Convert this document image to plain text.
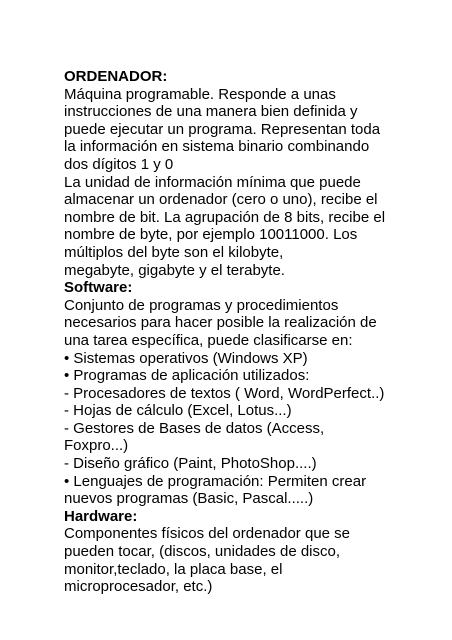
ORDENADOR:
Máquina programable. Responde a unas
instrucciones de una manera bien definida y
puede ejecutar un programa. Representan toda
la información en sistema binario combinando
dos dígitos 1 y 0
La unidad de información mínima que puede
almacenar un ordenador (cero o uno), recibe el
nombre de bit. La agrupación de 8 bits, recibe el
nombre de byte, por ejemplo 10011000. Los
múltiplos del byte son el kilobyte,
megabyte, gigabyte y el terabyte.
Software:
Conjunto de programas y procedimientos
necesarios para hacer posible la realización de
una tarea específica, puede clasificarse en:
• Sistemas operativos (Windows XP)
• Programas de aplicación utilizados:
- Procesadores de textos ( Word, WordPerfect..)
- Hojas de cálculo (Excel, Lotus...)
- Gestores de Bases de datos (Access,
Foxpro...)
- Diseño gráfico (Paint, PhotoShop....)
• Lenguajes de programación: Permiten crear
nuevos programas (Basic, Pascal.....)
Hardware:
Componentes físicos del ordenador que se
pueden tocar, (discos, unidades de disco,
monitor,teclado, la placa base, el
microprocesador, etc.)
